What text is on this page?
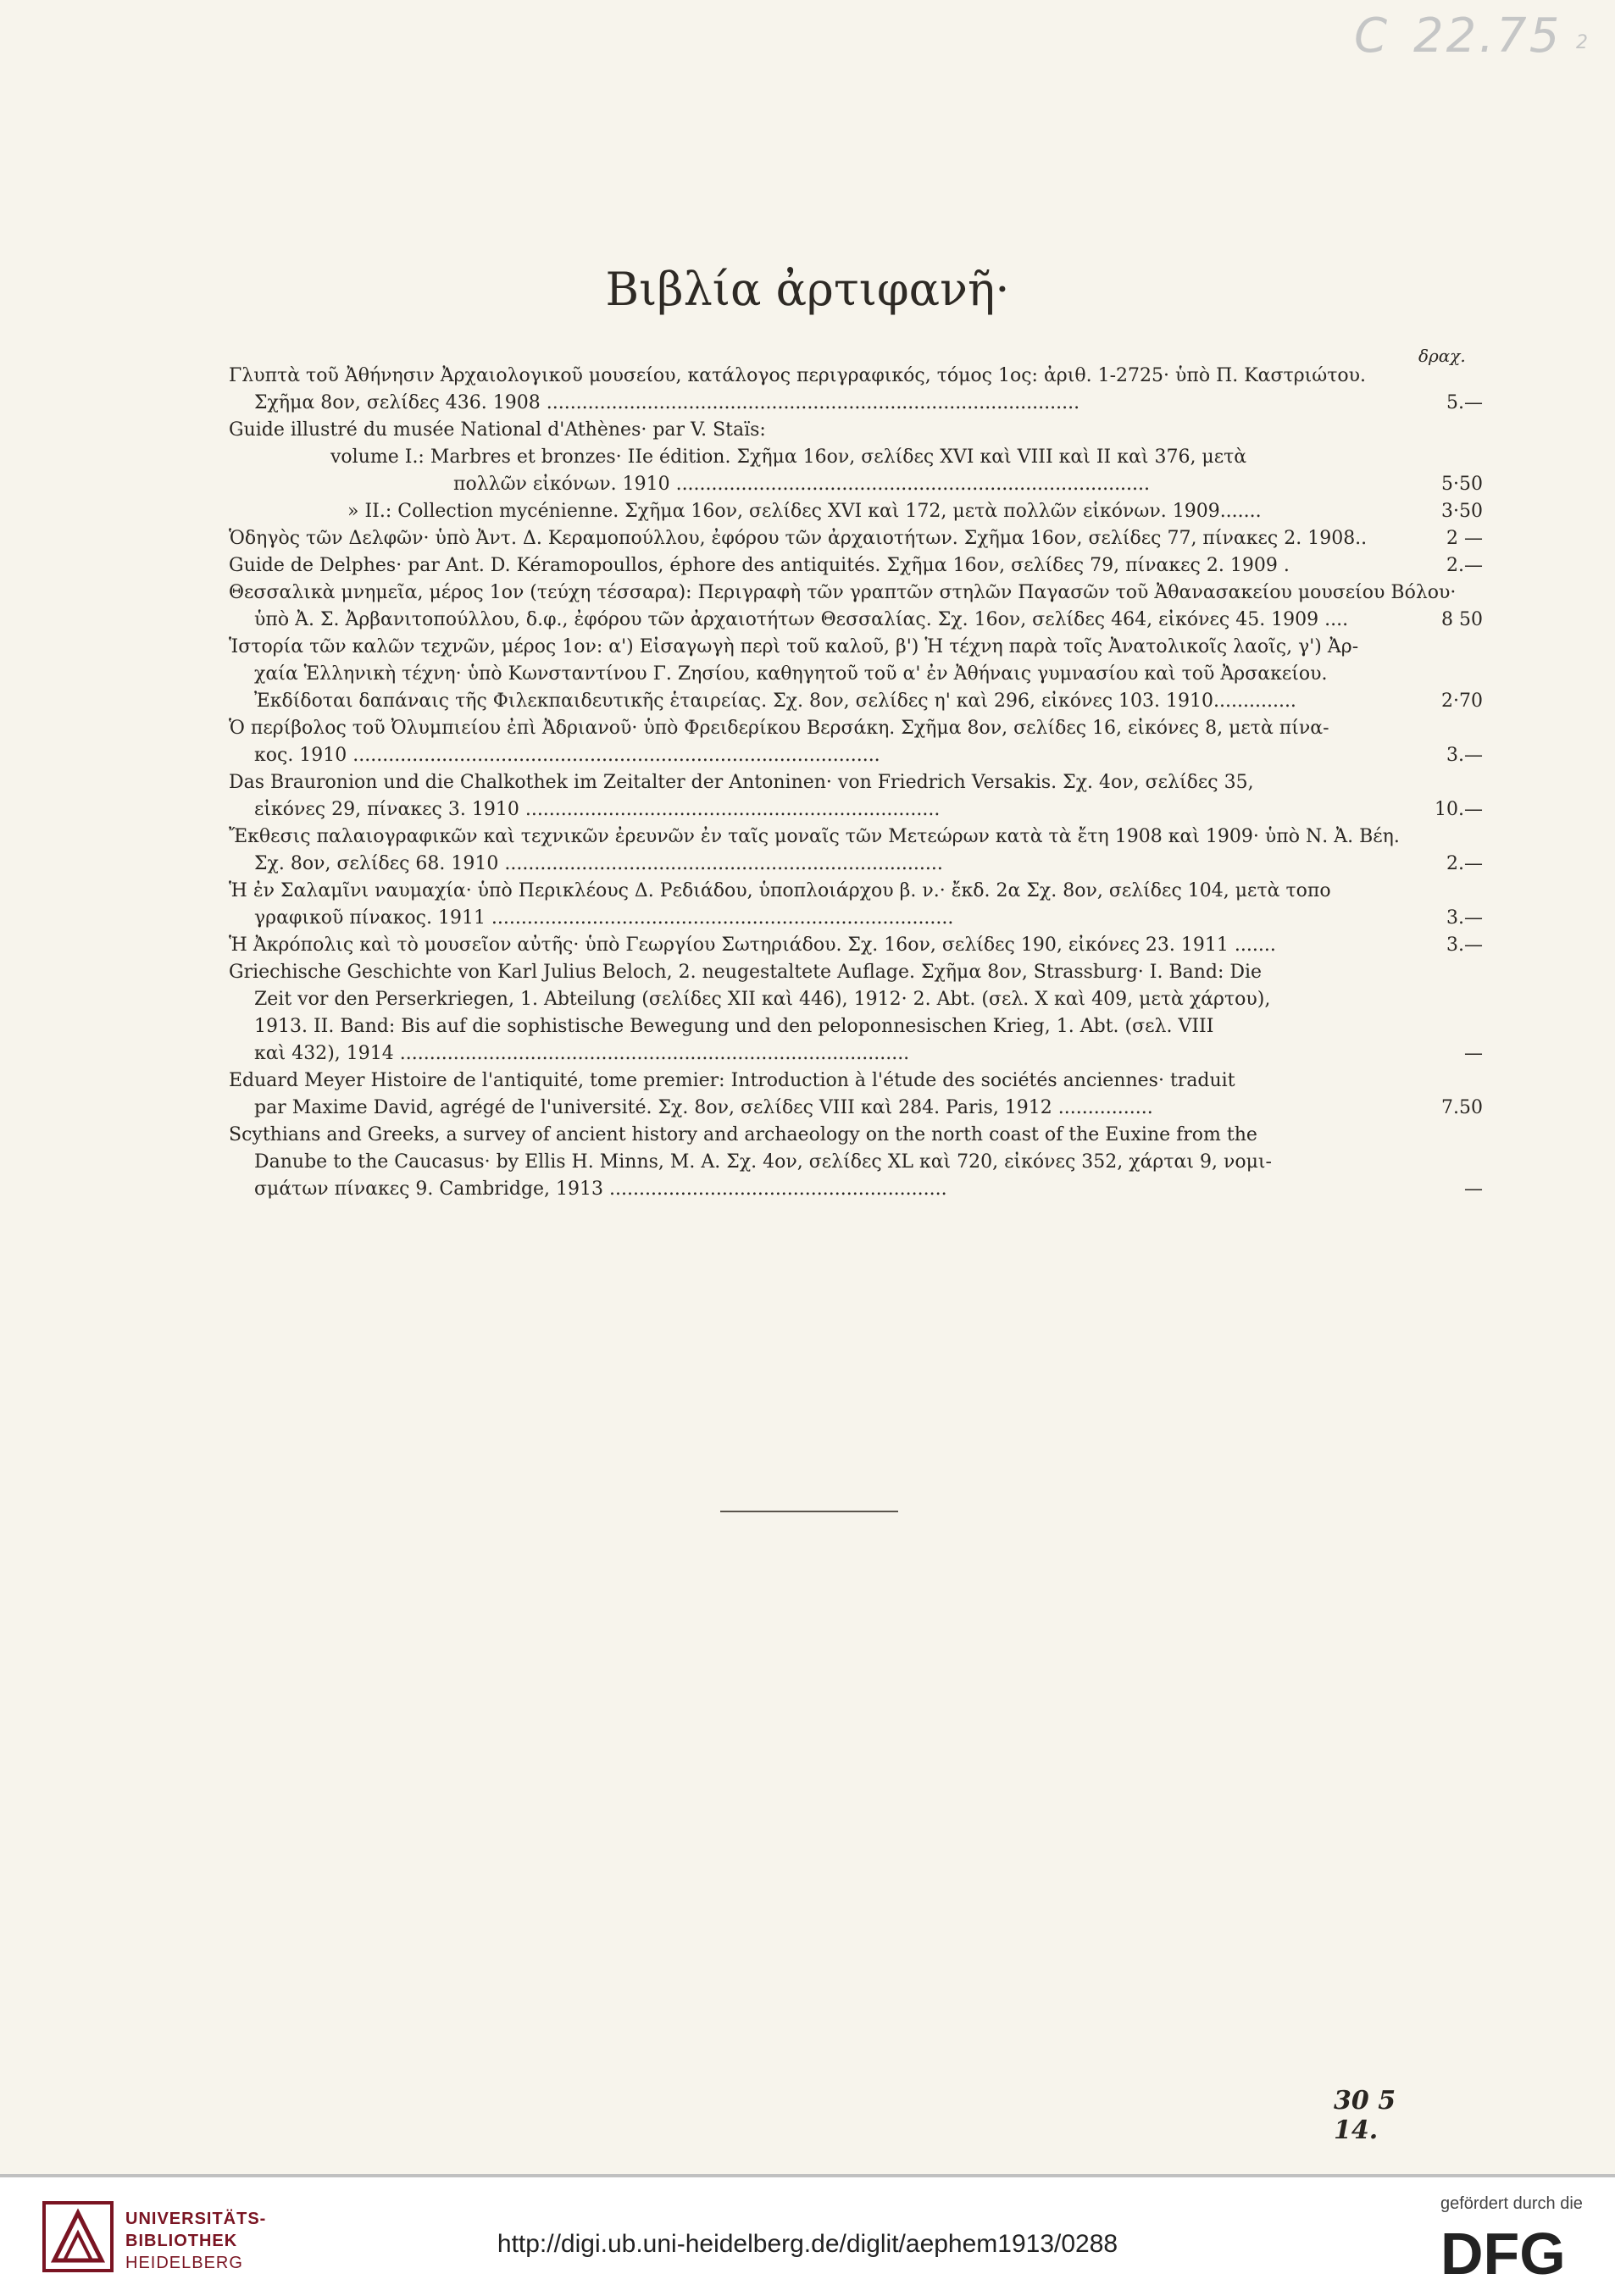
C 22.75 2
Βιβλία ἀρτιφανῆ·
δραχ.
Γλυπτὰ τοῦ Ἀθήνησιν Ἀρχαιολογικοῦ μουσείου, κατάλογος περιγραφικός, τόμος 1ος: ἀριθ. 1-2725· ὑπὸ Π. Καστριώτου.
Σχῆμα 8ον, σελίδες 436. 1908 ..........................................................................................	5.—
Guide illustré du musée National d'Athènes· par V. Staïs:
volume I.: Marbres et bronzes· IIe édition. Σχῆμα 16ον, σελίδες XVI καὶ VIII καὶ II καὶ 376, μετὰ
πολλῶν εἰκόνων. 1910 ................................................................................	5·50
» II.: Collection mycénienne. Σχῆμα 16ον, σελίδες XVI καὶ 172, μετὰ πολλῶν εἰκόνων. 1909.......	3·50
Ὁδηγὸς τῶν Δελφῶν· ὑπὸ Ἀντ. Δ. Κεραμοπούλλου, ἐφόρου τῶν ἀρχαιοτήτων. Σχῆμα 16ον, σελίδες 77, πίνακες 2. 1908..	2 —
Guide de Delphes· par Ant. D. Kéramopoullos, éphore des antiquités. Σχῆμα 16ον, σελίδες 79, πίνακες 2. 1909 .	2.—
Θεσσαλικὰ μνημεῖα, μέρος 1ον (τεύχη τέσσαρα): Περιγραφὴ τῶν γραπτῶν στηλῶν Παγασῶν τοῦ Ἀθανασακείου μουσείου Βόλου·
ὑπὸ Ἀ. Σ. Ἀρβανιτοπούλλου, δ.φ., ἐφόρου τῶν ἀρχαιοτήτων Θεσσαλίας. Σχ. 16ον, σελίδες 464, εἰκόνες 45. 1909 ....	8 50
Ἱστορία τῶν καλῶν τεχνῶν, μέρος 1ον: α') Εἰσαγωγὴ περὶ τοῦ καλοῦ, β') Ἡ τέχνη παρὰ τοῖς Ἀνατολικοῖς λαοῖς, γ') Ἀρ-
χαία Ἑλληνικὴ τέχνη· ὑπὸ Κωνσταντίνου Γ. Ζησίου, καθηγητοῦ τοῦ α' ἐν Ἀθήναις γυμνασίου καὶ τοῦ Ἀρσακείου.
Ἐκδίδοται δαπάναις τῆς Φιλεκπαιδευτικῆς ἑταιρείας. Σχ. 8ον, σελίδες η' καὶ 296, εἰκόνες 103. 1910..............	2·70
Ὁ περίβολος τοῦ Ὀλυμπιείου ἐπὶ Ἀδριανοῦ· ὑπὸ Φρειδερίκου Βερσάκη. Σχῆμα 8ον, σελίδες 16, εἰκόνες 8, μετὰ πίνα-
κος. 1910 .........................................................................................	3.—
Das Brauronion und die Chalkothek im Zeitalter der Antoninen· von Friedrich Versakis. Σχ. 4ον, σελίδες 35,
εἰκόνες 29, πίνακες 3. 1910 ......................................................................	10.—
Ἔκθεσις παλαιογραφικῶν καὶ τεχνικῶν ἐρευνῶν ἐν ταῖς μοναῖς τῶν Μετεώρων κατὰ τὰ ἔτη 1908 καὶ 1909· ὑπὸ Ν. Ἀ. Βέη.
Σχ. 8ον, σελίδες 68. 1910 ..........................................................................	2.—
Ἡ ἐν Σαλαμῖνι ναυμαχία· ὑπὸ Περικλέους Δ. Ρεδιάδου, ὑποπλοιάρχου β. ν.· ἔκδ. 2α Σχ. 8ον, σελίδες 104, μετὰ τοπο
γραφικοῦ πίνακος. 1911 ..............................................................................	3.—
Ἡ Ἀκρόπολις καὶ τὸ μουσεῖον αὐτῆς· ὑπὸ Γεωργίου Σωτηριάδου. Σχ. 16ον, σελίδες 190, εἰκόνες 23. 1911 .......	3.—
Griechische Geschichte von Karl Julius Beloch, 2. neugestaltete Auflage. Σχῆμα 8ον, Strassburg· I. Band: Die
Zeit vor den Perserkriegen, 1. Abteilung (σελίδες XII καὶ 446), 1912· 2. Abt. (σελ. X καὶ 409, μετὰ χάρτου),
1913. II. Band: Bis auf die sophistische Bewegung und den peloponnesischen Krieg, 1. Abt. (σελ. VIII
καὶ 432), 1914 ......................................................................................	—
Eduard Meyer Histoire de l'antiquité, tome premier: Introduction à l'étude des sociétés anciennes· traduit
par Maxime David, agrégé de l'université. Σχ. 8ον, σελίδες VIII καὶ 284. Paris, 1912 ................	7.50
Scythians and Greeks, a survey of ancient history and archaeology on the north coast of the Euxine from the
Danube to the Caucasus· by Ellis H. Minns, M. A. Σχ. 4ον, σελίδες XL καὶ 720, εἰκόνες 352, χάρται 9, νομι-
σμάτων πίνακες 9. Cambridge, 1913 .........................................................	—
30 5 14.
UNIVERSITÄTS-
BIBLIOTHEK
HEIDELBERG
http://digi.ub.uni-heidelberg.de/diglit/aephem1913/0288
gefördert durch die
DFG
